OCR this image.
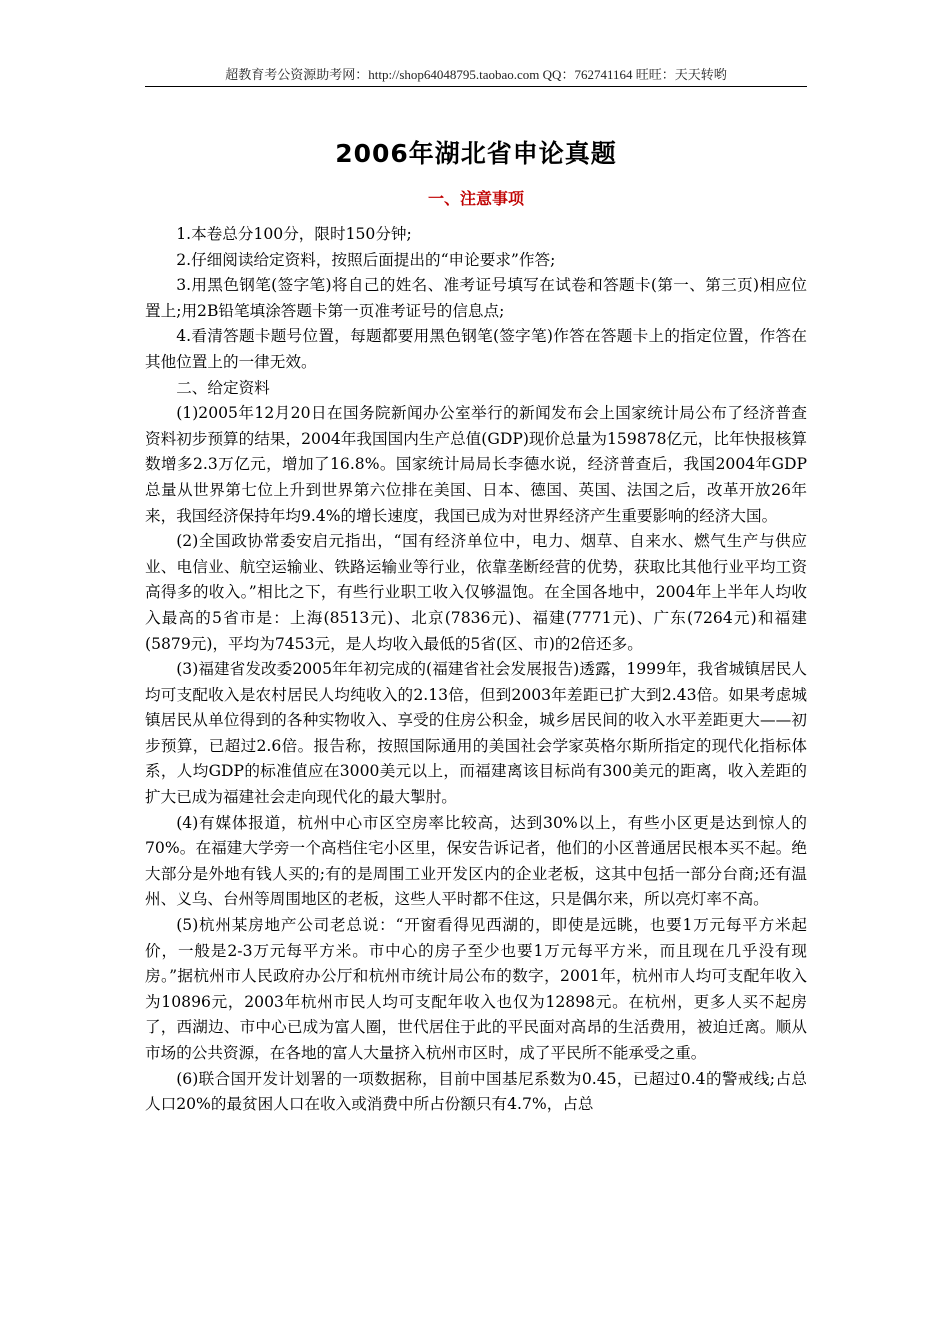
超教育考公资源助考网：http://shop64048795.taobao.com QQ：762741164 旺旺：天天转哟
2006年湖北省申论真题
一、注意事项

1.本卷总分100分，限时150分钟;

2.仔细阅读给定资料，按照后面提出的“申论要求”作答;

3.用黑色钢笔(签字笔)将自己的姓名、准考证号填写在试卷和答题卡(第一、第三页)相应位置上;用2B铅笔填涂答题卡第一页准考证号的信息点;

4.看清答题卡题号位置，每题都要用黑色钢笔(签字笔)作答在答题卡上的指定位置，作答在其他位置上的一律无效。

二、给定资料

(1)2005年12月20日在国务院新闻办公室举行的新闻发布会上国家统计局公布了经济普查资料初步预算的结果，2004年我国国内生产总值(GDP)现价总量为159878亿元，比年快报核算数增多2.3万亿元，增加了16.8%。国家统计局局长李德水说，经济普查后，我国2004年GDP总量从世界第七位上升到世界第六位排在美国、日本、德国、英国、法国之后，改革开放26年来，我国经济保持年均9.4%的增长速度，我国已成为对世界经济产生重要影响的经济大国。

(2)全国政协常委安启元指出，“国有经济单位中，电力、烟草、自来水、燃气生产与供应业、电信业、航空运输业、铁路运输业等行业，依靠垄断经营的优势，获取比其他行业平均工资高得多的收入。”相比之下，有些行业职工收入仅够温饱。在全国各地中，2004年上半年人均收入最高的5省市是：上海(8513元)、北京(7836元)、福建(7771元)、广东(7264元)和福建(5879元)，平均为7453元，是人均收入最低的5省(区、市)的2倍还多。

(3)福建省发改委2005年年初完成的(福建省社会发展报告)透露，1999年，我省城镇居民人均可支配收入是农村居民人均纯收入的2.13倍，但到2003年差距已扩大到2.43倍。如果考虑城镇居民从单位得到的各种实物收入、享受的住房公积金，城乡居民间的收入水平差距更大——初步预算，已超过2.6倍。报告称，按照国际通用的美国社会学家英格尔斯所指定的现代化指标体系，人均GDP的标准值应在3000美元以上，而福建离该目标尚有300美元的距离，收入差距的扩大已成为福建社会走向现代化的最大掣肘。

(4)有媒体报道，杭州中心市区空房率比较高，达到30%以上，有些小区更是达到惊人的70%。在福建大学旁一个高档住宅小区里，保安告诉记者，他们的小区普通居民根本买不起。绝大部分是外地有钱人买的;有的是周围工业开发区内的企业老板，这其中包括一部分台商;还有温州、义乌、台州等周围地区的老板，这些人平时都不住这，只是偶尔来，所以亮灯率不高。

(5)杭州某房地产公司老总说：“开窗看得见西湖的，即使是远眺，也要1万元每平方米起价，一般是2-3万元每平方米。市中心的房子至少也要1万元每平方米，而且现在几乎没有现房。”据杭州市人民政府办公厅和杭州市统计局公布的数字，2001年，杭州市人均可支配年收入为10896元，2003年杭州市民人均可支配年收入也仅为12898元。在杭州，更多人买不起房了，西湖边、市中心已成为富人圈，世代居住于此的平民面对高昂的生活费用，被迫迁离。顺从市场的公共资源，在各地的富人大量挤入杭州市区时，成了平民所不能承受之重。

(6)联合国开发计划署的一项数据称，目前中国基尼系数为0.45，已超过0.4的警戒线;占总人口20%的最贫困人口在收入或消费中所占份额只有4.7%，占总
